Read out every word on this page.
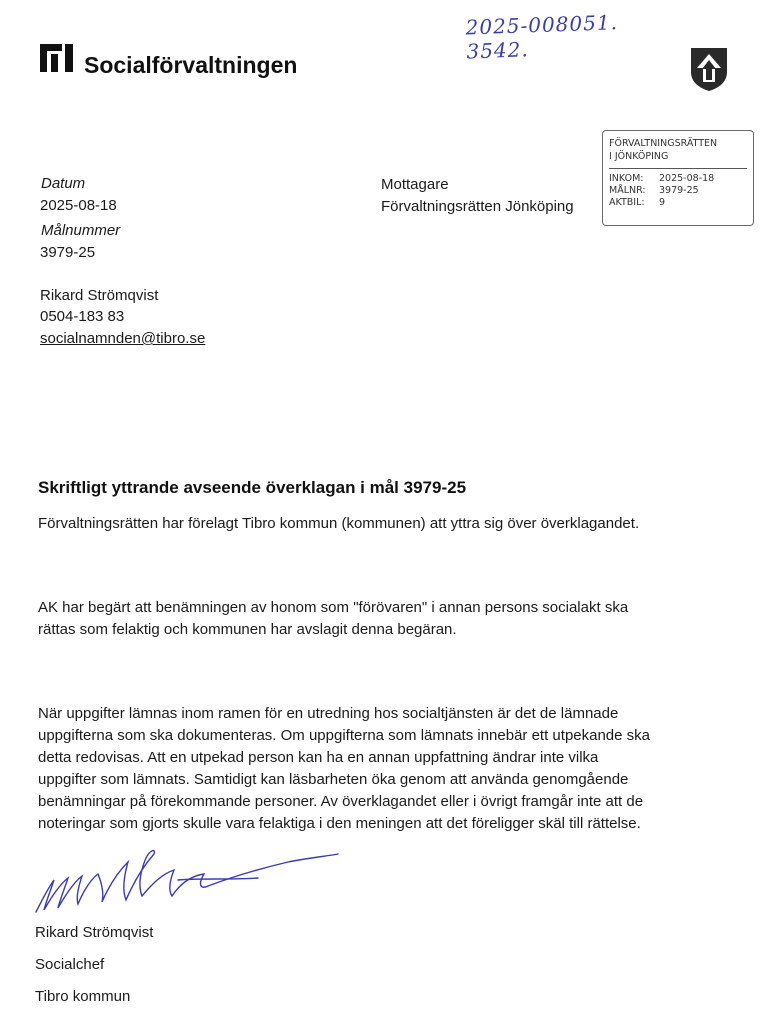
2025-008051. 3542.
Socialförvaltningen
FÖRVALTNINGSRÄTTEN
I JÖNKÖPING
INKOM:	2025-08-18
MÅLNR:	3979-25
AKTBIL:	9
Datum
2025-08-18
Målnummer
3979-25
Mottagare
Förvaltningsrätten Jönköping
Rikard Strömqvist
0504-183 83
socialnamnden@tibro.se
Skriftligt yttrande avseende överklagan i mål 3979-25
Förvaltningsrätten har förelagt Tibro kommun (kommunen) att yttra sig över överklagandet.
AK har begärt att benämningen av honom som "förövaren" i annan persons socialakt ska rättas som felaktig och kommunen har avslagit denna begäran.
När uppgifter lämnas inom ramen för en utredning hos socialtjänsten är det de lämnade uppgifterna som ska dokumenteras. Om uppgifterna som lämnats innebär ett utpekande ska detta redovisas. Att en utpekad person kan ha en annan uppfattning ändrar inte vilka uppgifter som lämnats. Samtidigt kan läsbarheten öka genom att använda genomgående benämningar på förekommande personer. Av överklagandet eller i övrigt framgår inte att de noteringar som gjorts skulle vara felaktiga i den meningen att det föreligger skäl till rättelse.
Rikard Strömqvist
Socialchef
Tibro kommun
